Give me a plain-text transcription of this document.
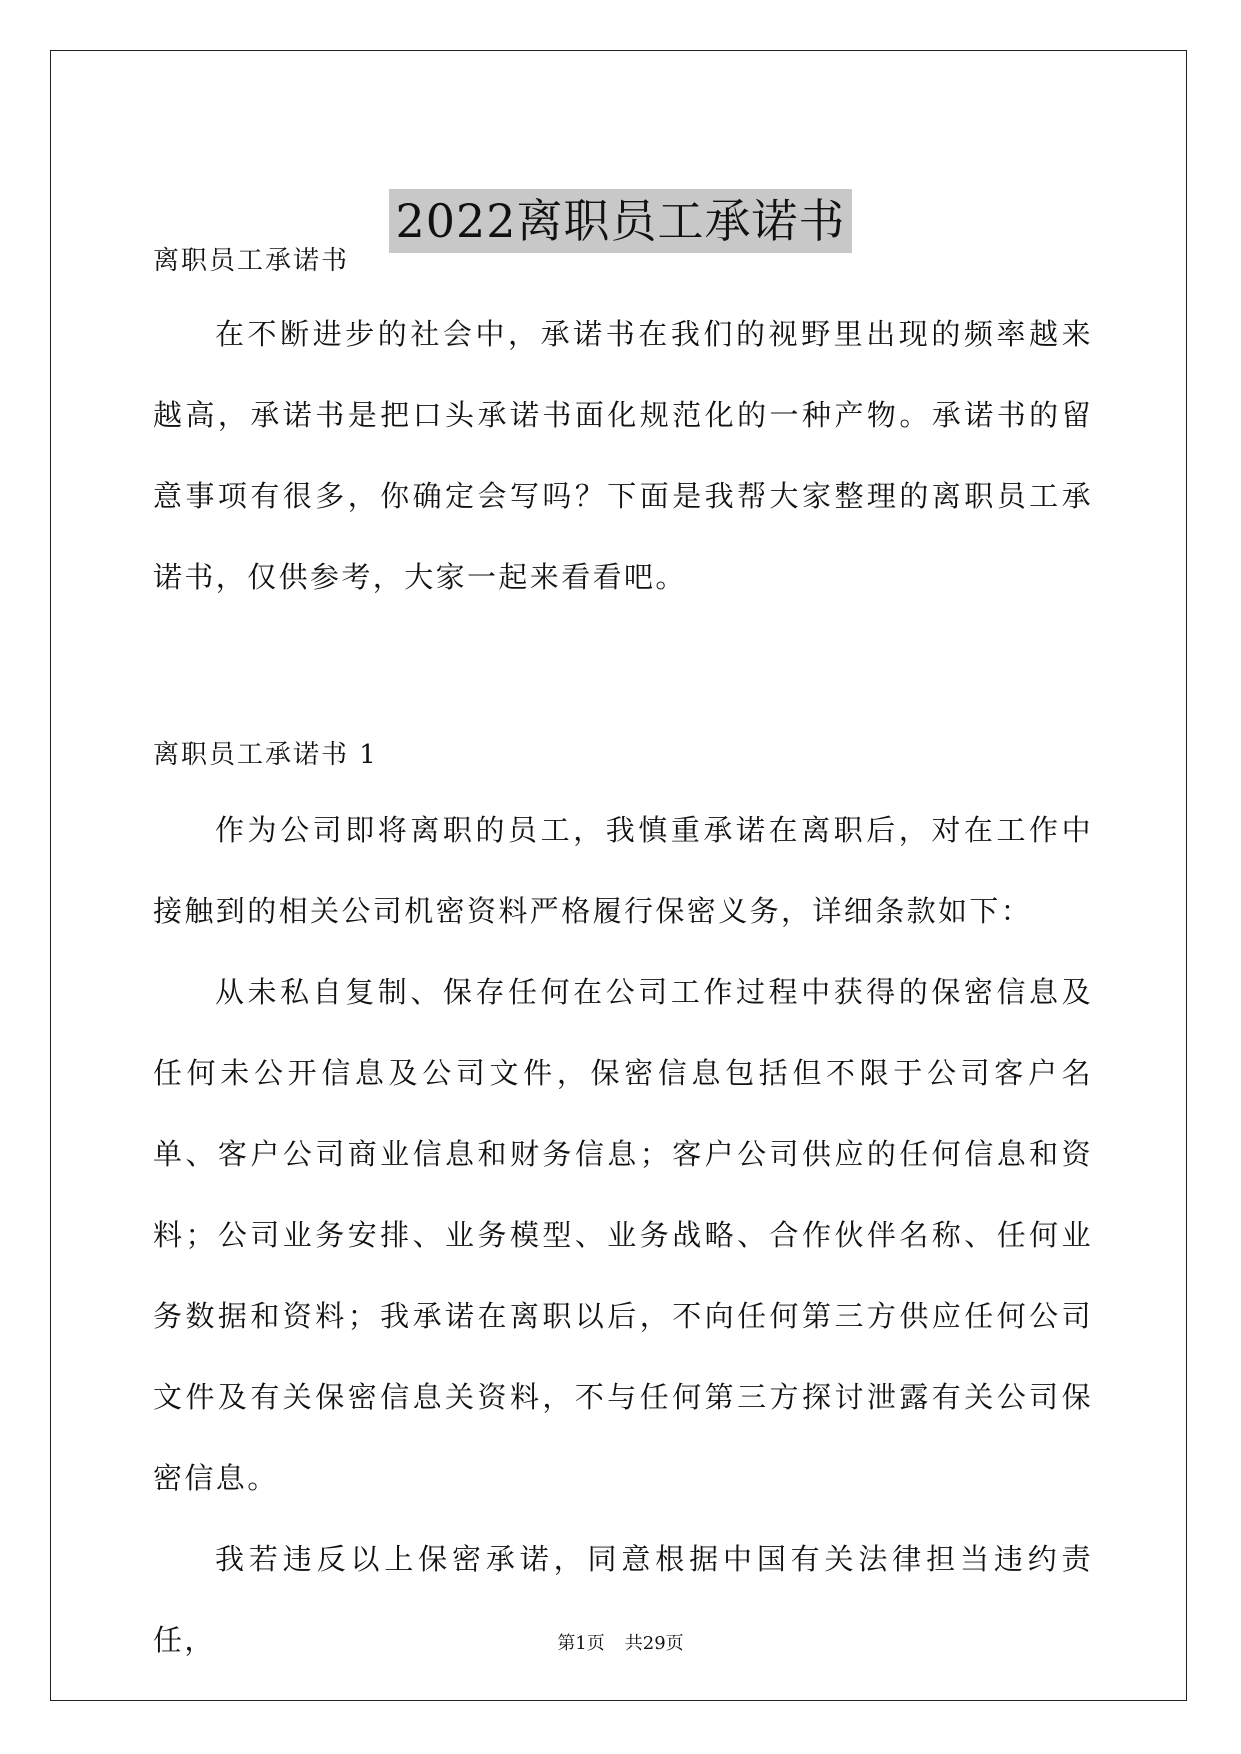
2022离职员工承诺书

离职员工承诺书

在不断进步的社会中，承诺书在我们的视野里出现的频率越来越高，承诺书是把口头承诺书面化规范化的一种产物。承诺书的留意事项有很多，你确定会写吗？下面是我帮大家整理的离职员工承诺书，仅供参考，大家一起来看看吧。

离职员工承诺书 1

作为公司即将离职的员工，我慎重承诺在离职后，对在工作中接触到的相关公司机密资料严格履行保密义务，详细条款如下：

从未私自复制、保存任何在公司工作过程中获得的保密信息及任何未公开信息及公司文件，保密信息包括但不限于公司客户名单、客户公司商业信息和财务信息；客户公司供应的任何信息和资料；公司业务安排、业务模型、业务战略、合作伙伴名称、任何业务数据和资料；我承诺在离职以后，不向任何第三方供应任何公司文件及有关保密信息关资料，不与任何第三方探讨泄露有关公司保密信息。

我若违反以上保密承诺，同意根据中国有关法律担当违约责任，	第1页 共29页
